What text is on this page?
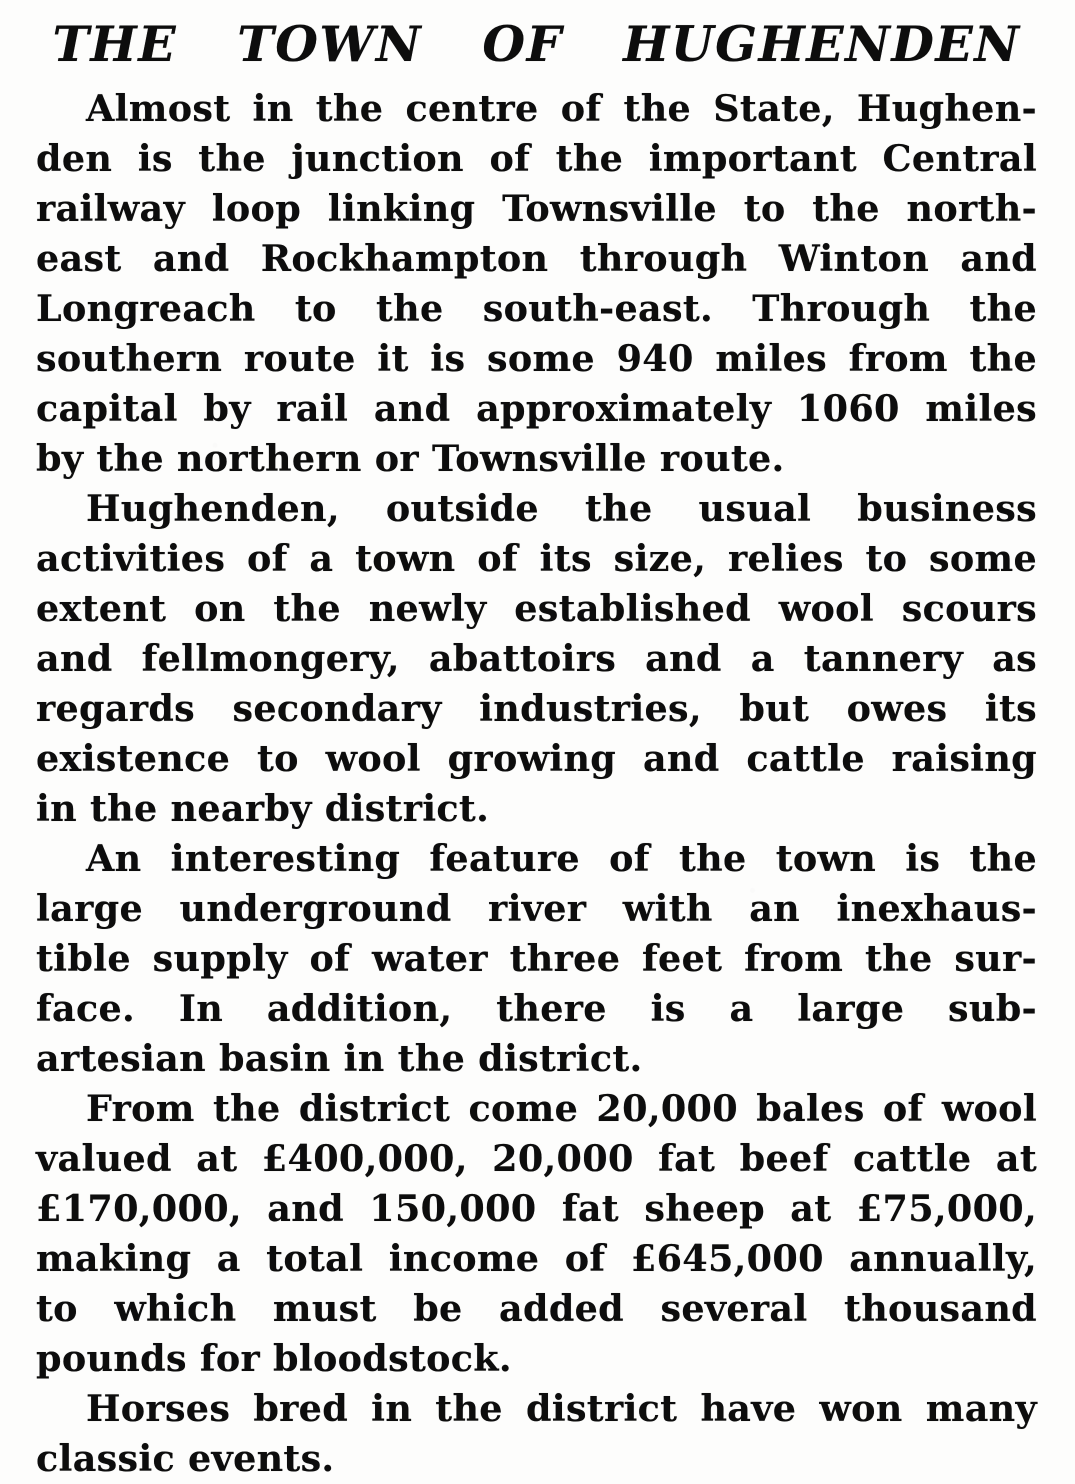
THE TOWN OF HUGHENDEN
Almost in the centre of the State, Hughen-
den is the junction of the important Central
railway loop linking Townsville to the north-
east and Rockhampton through Winton and
Longreach to the south-east. Through the
southern route it is some 940 miles from the
capital by rail and approximately 1060 miles
by the northern or Townsville route.
Hughenden, outside the usual business
activities of a town of its size, relies to some
extent on the newly established wool scours
and fellmongery, abattoirs and a tannery as
regards secondary industries, but owes its
existence to wool growing and cattle raising
in the nearby district.
An interesting feature of the town is the
large underground river with an inexhaus-
tible supply of water three feet from the sur-
face. In addition, there is a large sub-
artesian basin in the district.
From the district come 20,000 bales of wool
valued at £400,000, 20,000 fat beef cattle at
£170,000, and 150,000 fat sheep at £75,000,
making a total income of £645,000 annually,
to which must be added several thousand
pounds for bloodstock.
Horses bred in the district have won many
classic events.
